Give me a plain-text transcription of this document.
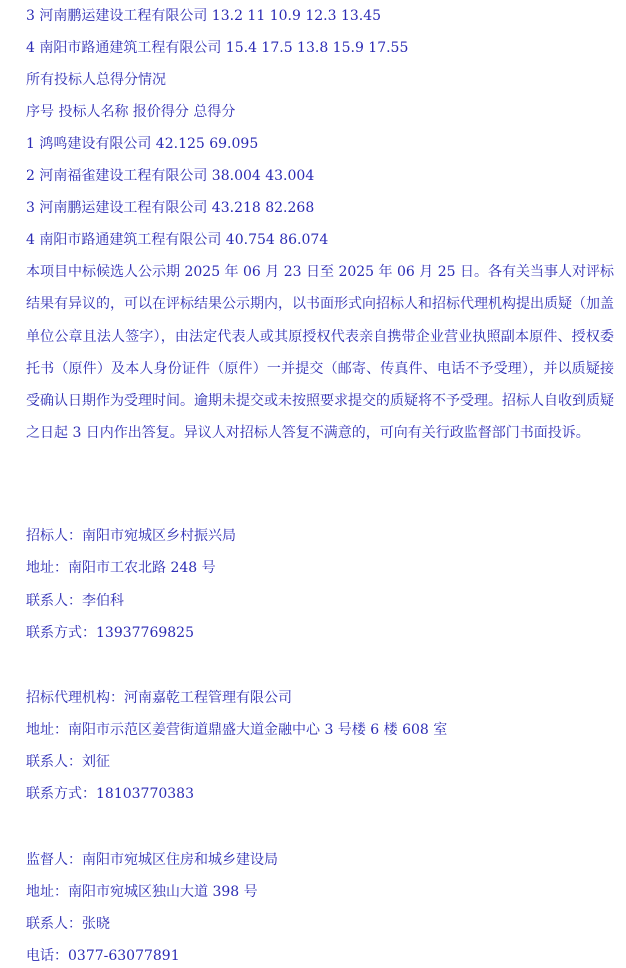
3 河南鹏运建设工程有限公司 13.2 11 10.9 12.3 13.45
4 南阳市路通建筑工程有限公司 15.4 17.5 13.8 15.9 17.55
所有投标人总得分情况
序号 投标人名称 报价得分 总得分
1 鸿鸣建设有限公司 42.125 69.095
2 河南福雀建设工程有限公司 38.004 43.004
3 河南鹏运建设工程有限公司 43.218 82.268
4 南阳市路通建筑工程有限公司 40.754 86.074
本项目中标候选人公示期 2025 年 06 月 23 日至 2025 年 06 月 25 日。各有关当事人对评标结果有异议的，可以在评标结果公示期内，以书面形式向招标人和招标代理机构提出质疑（加盖单位公章且法人签字），由法定代表人或其原授权代表亲自携带企业营业执照副本原件、授权委托书（原件）及本人身份证件（原件）一并提交（邮寄、传真件、电话不予受理），并以质疑接受确认日期作为受理时间。逾期未提交或未按照要求提交的质疑将不予受理。招标人自收到质疑之日起 3 日内作出答复。异议人对招标人答复不满意的，可向有关行政监督部门书面投诉。
招标人：南阳市宛城区乡村振兴局
地址：南阳市工农北路 248 号
联系人：李伯科
联系方式：13937769825
招标代理机构：河南嘉乾工程管理有限公司
地址：南阳市示范区姜营街道鼎盛大道金融中心 3 号楼 6 楼 608 室
联系人：刘征
联系方式：18103770383
监督人：南阳市宛城区住房和城乡建设局
地址：南阳市宛城区独山大道 398 号
联系人：张晓
电话：0377-63077891
